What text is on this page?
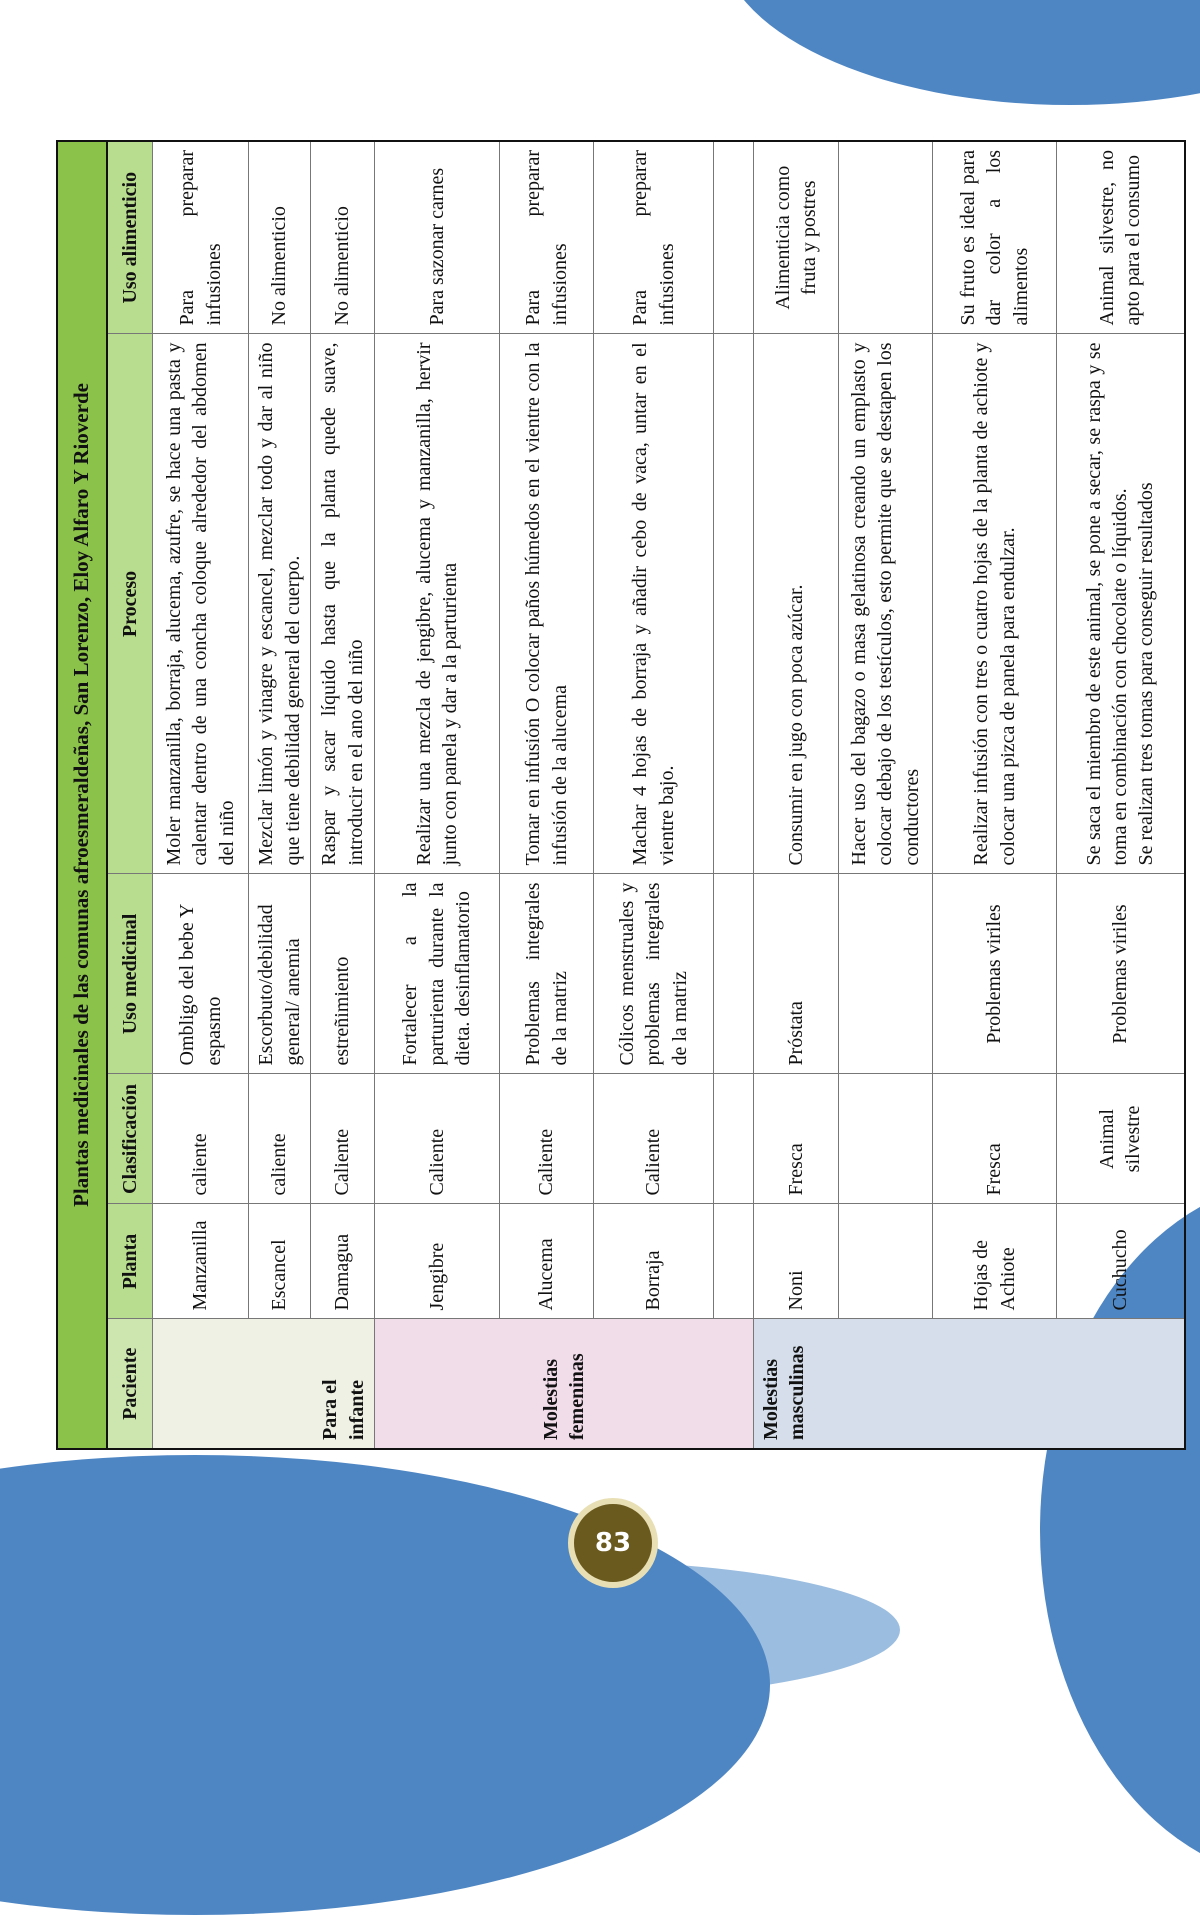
Plantas medicinales de las comunas afroesmeraldeñas, San Lorenzo, Eloy Alfaro Y Rioverde					
Paciente	Planta	Clasificación	Uso medicinal	Proceso	Uso alimenticio
Para el infante	Manzanilla	caliente	Ombligo del bebe Y espasmo	Moler manzanilla, borraja, alucema, azufre, se hace una pasta y calentar dentro de una concha coloque alrededor del abdomen del niño	Para preparar infusiones
	Escancel	caliente	Escorbuto/debilidad general/ anemia	Mezclar limón y vinagre y escancel, mezclar todo y dar al niño que tiene debilidad general del cuerpo.	No alimenticio
	Damagua	Caliente	estreñimiento	Raspar y sacar líquido hasta que la planta quede suave, introducir en el ano del niño	No alimenticio
Molestias femeninas	Jengibre	Caliente	Fortalecer a la parturienta durante la dieta. desinflamatorio	Realizar una mezcla de jengibre, alucema y manzanilla, hervir junto con panela y dar a la parturienta	Para sazonar carnes
	Alucema	Caliente	Problemas integrales de la matriz	Tomar en infusión O colocar paños húmedos en el vientre con la infusión de la alucema	Para preparar infusiones
	Borraja	Caliente	Cólicos menstruales y problemas integrales de la matriz	Machar 4 hojas de borraja y añadir cebo de vaca, untar en el vientre bajo.	Para preparar infusiones

Molestias masculinas	Noni	Fresca	Próstata	Consumir en jugo con poca azúcar.	Alimenticia como fruta y postres
				Hacer uso del bagazo o masa gelatinosa creando un emplasto y colocar debajo de los testículos, esto permite que se destapen los conductores	
	Hojas de Achiote	Fresca	Problemas viriles	Realizar infusión con tres o cuatro hojas de la planta de achiote y colocar una pizca de panela para endulzar.	Su fruto es ideal para dar color a los alimentos
	Cuchucho	Animal silvestre	Problemas viriles	Se saca el miembro de este animal, se pone a secar, se raspa y se toma en combinación con chocolate o líquidos. Se realizan tres tomas para conseguir resultados	Animal silvestre, no apto para el consumo
83
